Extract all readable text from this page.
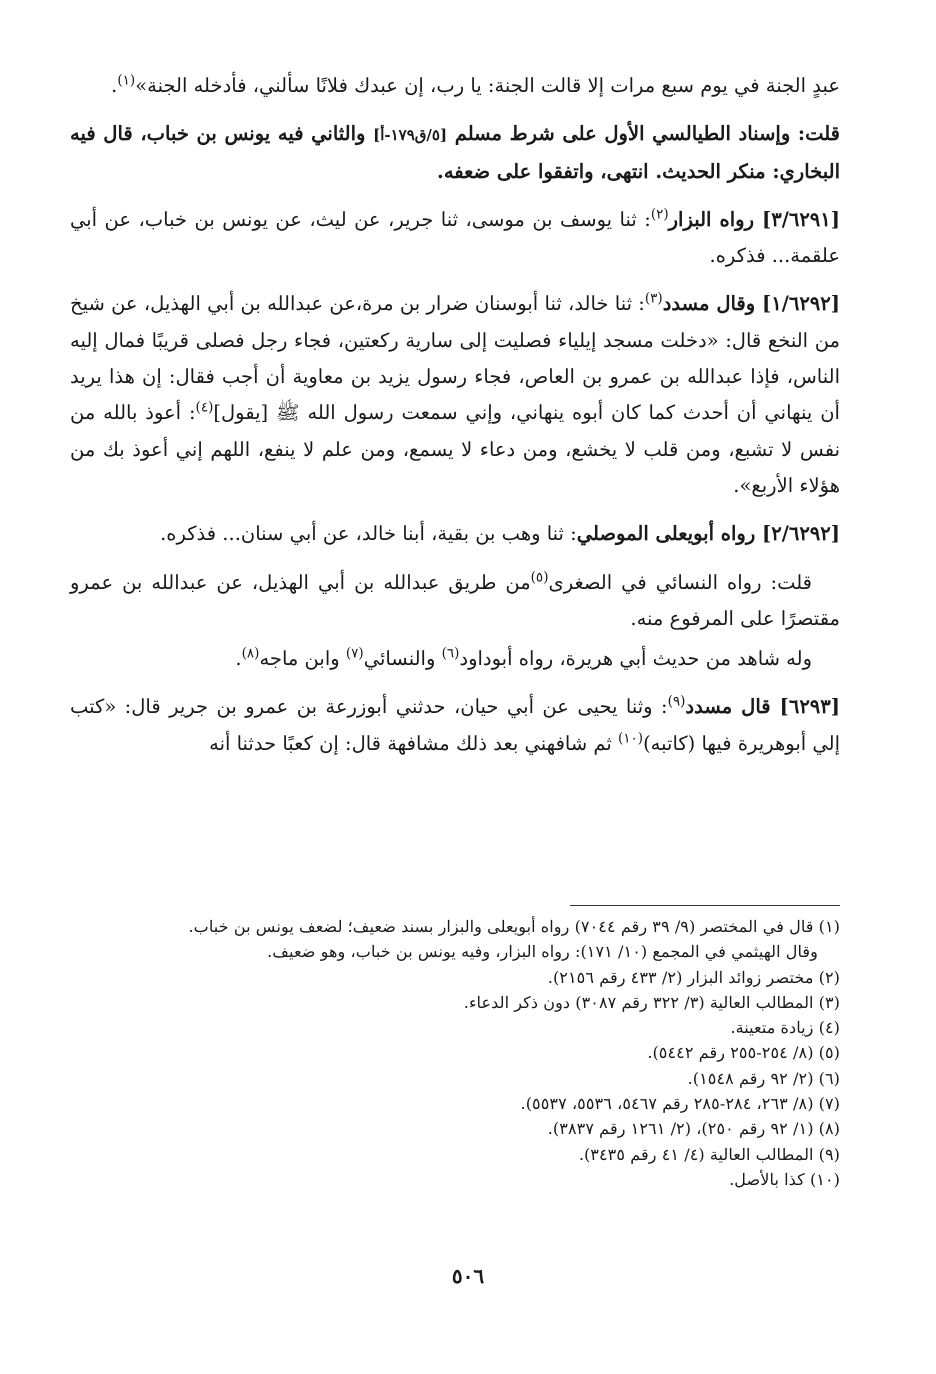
عبدٍ الجنة في يوم سبع مرات إلا قالت الجنة: يا رب، إن عبدك فلانًا سألني، فأدخله الجنة»$^{(١)}$.

قلت: وإسناد الطيالسي الأول على شرط مسلم [٥/ق١٧٩-أ] والثاني فيه يونس بن خباب، قال فيه البخاري: منكر الحديث. انتهى، واتفقوا على ضعفه.

[٣/٦٢٩١] رواه البزار$^{(٢)}$: ثنا يوسف بن موسى، ثنا جرير، عن ليث، عن يونس بن خباب، عن أبي علقمة... فذكره.

[١/٦٢٩٢] وقال مسدد$^{(٣)}$: ثنا خالد، ثنا أبوسنان ضرار بن مرة،عن عبدالله بن أبي الهذيل، عن شيخ من النخع قال: «دخلت مسجد إيلياء فصليت إلى سارية ركعتين، فجاء رجل فصلى قريبًا فمال إليه الناس، فإذا عبدالله بن عمرو بن العاص، فجاء رسول يزيد بن معاوية أن أجب فقال: إن هذا يريد أن ينهاني أن أحدث كما كان أبوه ينهاني، وإني سمعت رسول الله ﷺ [يقول]$^{(٤)}$: أعوذ بالله من نفس لا تشبع، ومن قلب لا يخشع، ومن دعاء لا يسمع، ومن علم لا ينفع، اللهم إني أعوذ بك من هؤلاء الأربع».

[٢/٦٢٩٢] رواه أبويعلى الموصلي: ثنا وهب بن بقية، أبنا خالد، عن أبي سنان... فذكره.

قلت: رواه النسائي في الصغرى$^{(٥)}$من طريق عبدالله بن أبي الهذيل، عن عبدالله بن عمرو مقتصرًا على المرفوع منه.

وله شاهد من حديث أبي هريرة، رواه أبوداود$^{(٦)}$ والنسائي$^{(٧)}$ وابن ماجه$^{(٨)}$.

[٦٢٩٣] قال مسدد$^{(٩)}$: وثنا يحيى عن أبي حيان، حدثني أبوزرعة بن عمرو بن جرير قال: «كتب إلي أبوهريرة فيها (كاتبه)$^{(١٠)}$ ثم شافهني بعد ذلك مشافهة قال: إن كعبًا حدثنا أنه

(١) قال في المختصر (٩/ ٣٩ رقم ٧٠٤٤) رواه أبويعلى والبزار بسند ضعيف؛ لضعف يونس بن خباب.

وقال الهيثمي في المجمع (١٠/ ١٧١): رواه البزار، وفيه يونس بن خباب، وهو ضعيف.

(٢) مختصر زوائد البزار (٢/ ٤٣٣ رقم ٢١٥٦).

(٣) المطالب العالية (٣/ ٣٢٢ رقم ٣٠٨٧) دون ذكر الدعاء.

(٤) زيادة متعينة.

(٥) (٨/ ٢٥٤-٢٥٥ رقم ٥٤٤٢).

(٦) (٢/ ٩٢ رقم ١٥٤٨).

(٧) (٨/ ٢٦٣، ٢٨٤-٢٨٥ رقم ٥٤٦٧، ٥٥٣٦، ٥٥٣٧).

(٨) (١/ ٩٢ رقم ٢٥٠)، (٢/ ١٢٦١ رقم ٣٨٣٧).

(٩) المطالب العالية (٤/ ٤١ رقم ٣٤٣٥).

(١٠) كذا بالأصل.

٥٠٦
